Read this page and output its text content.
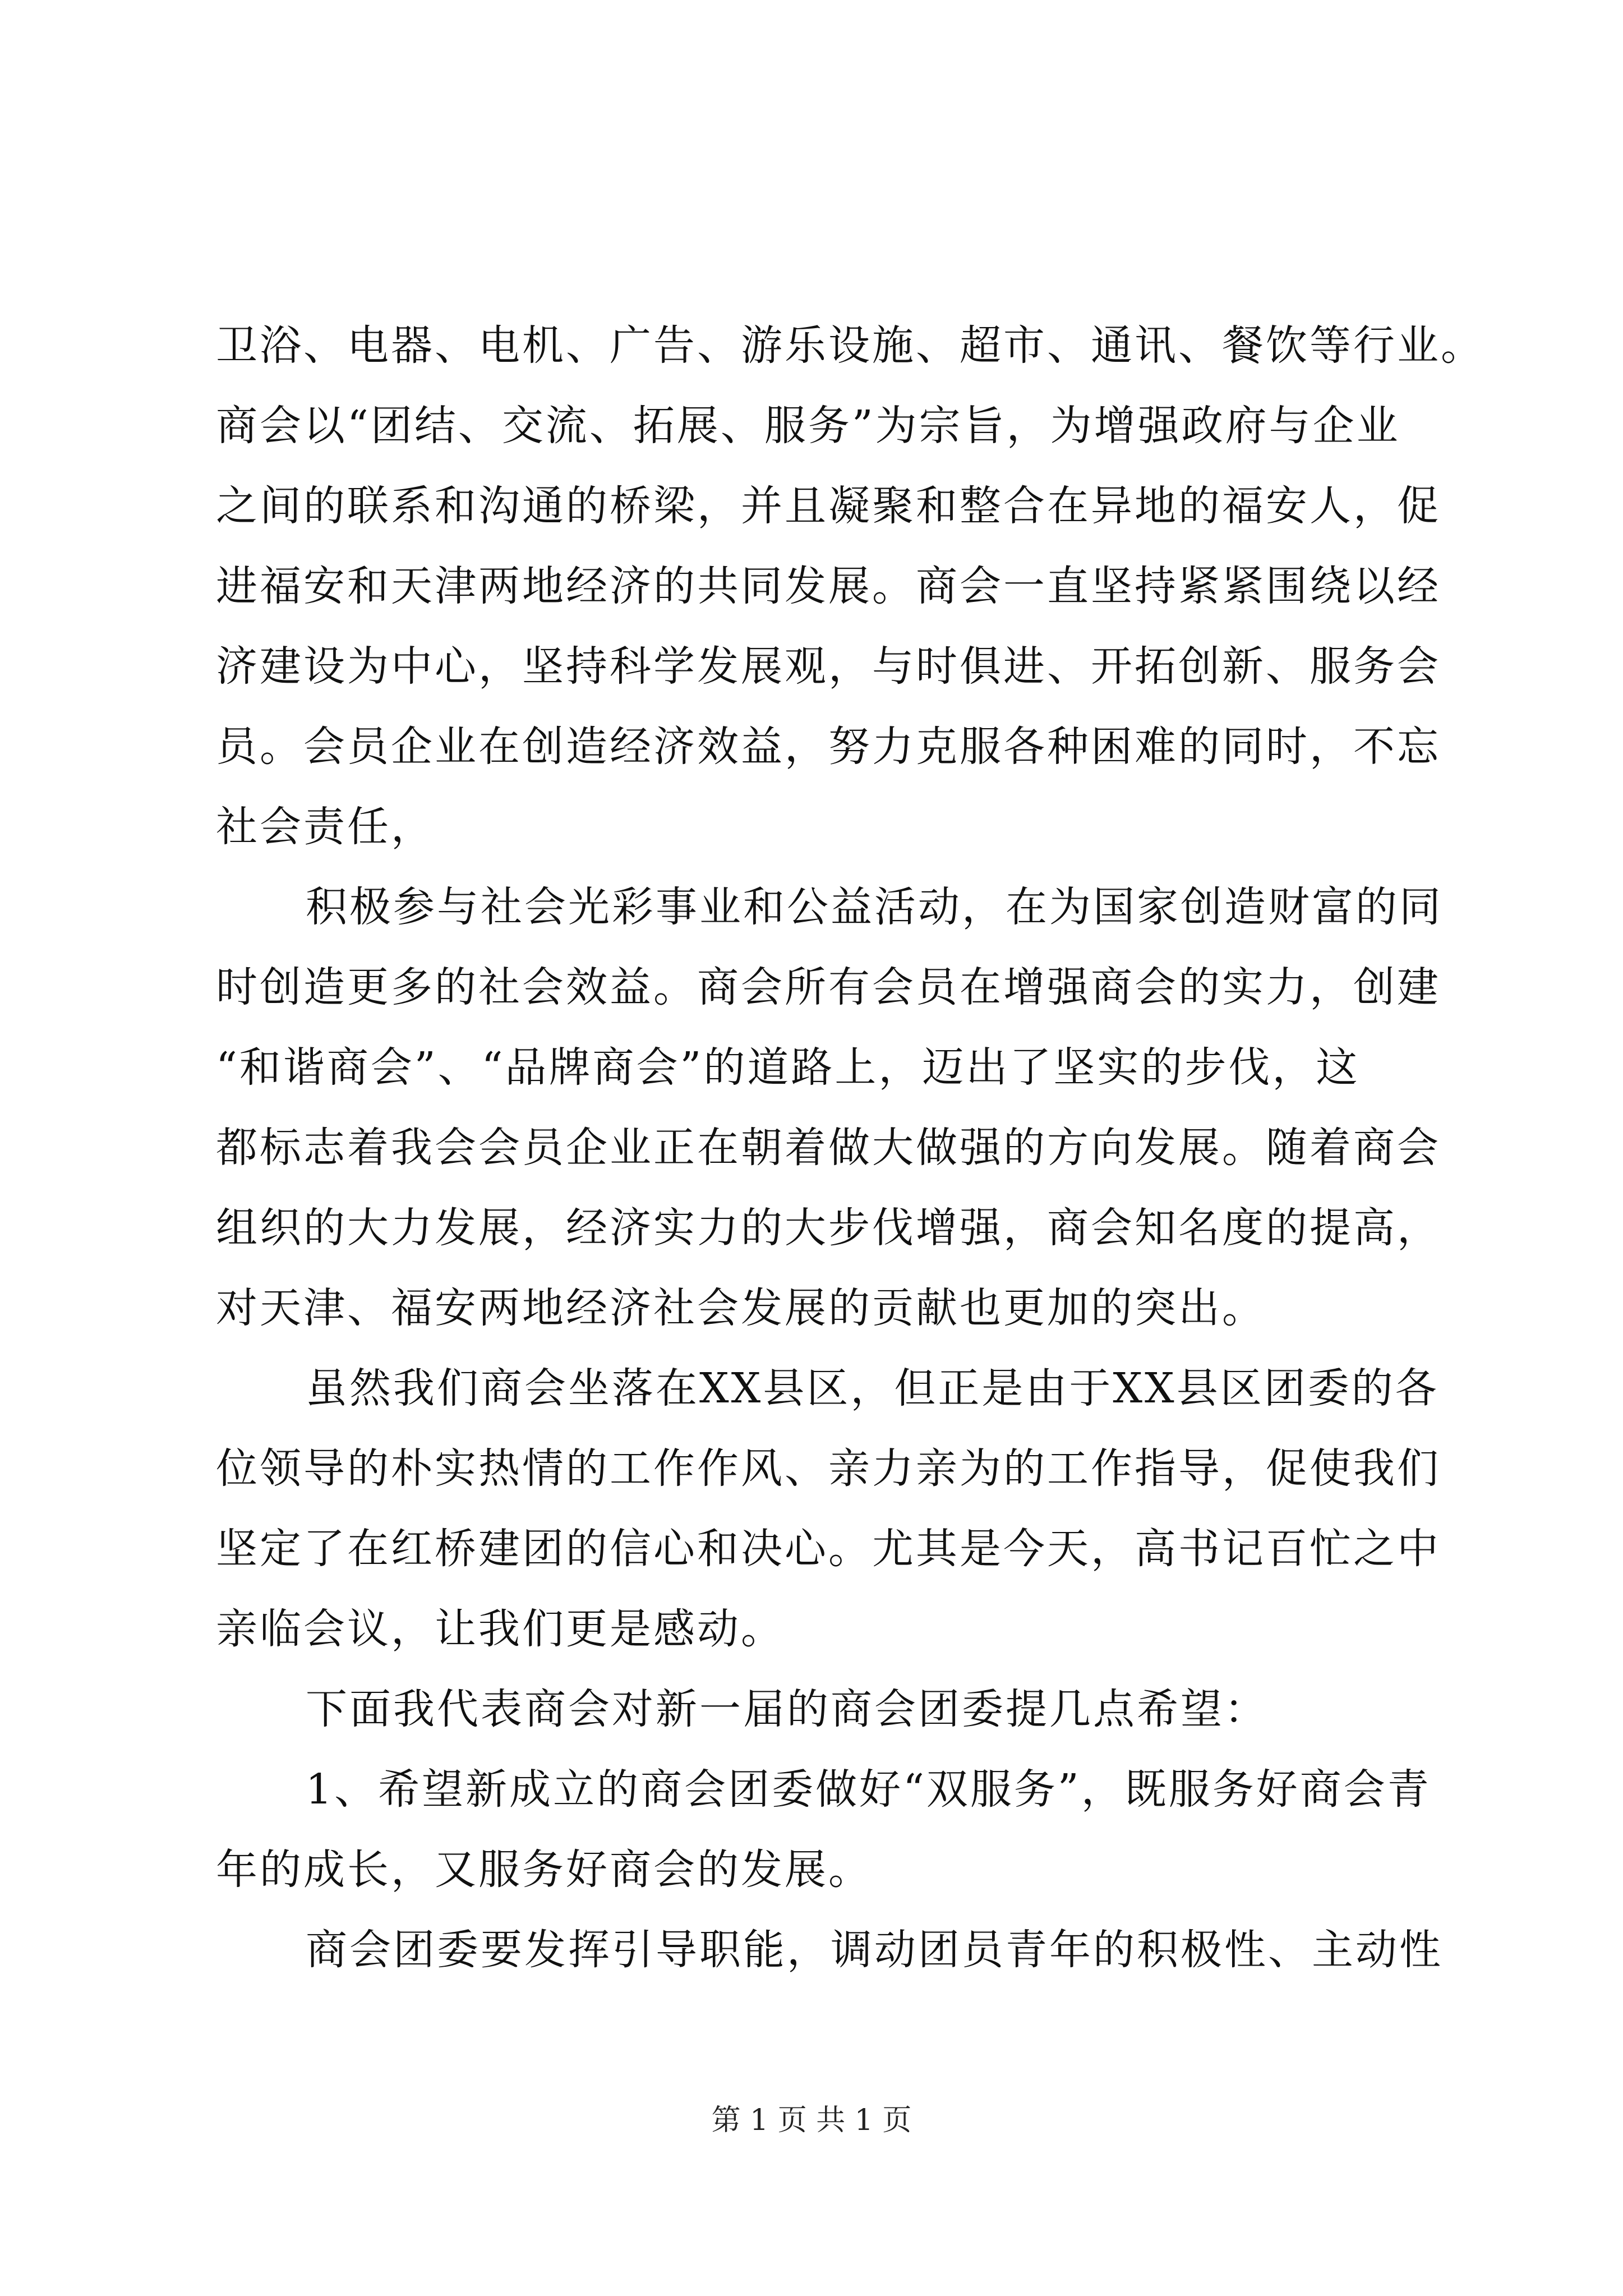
卫浴、电器、电机、广告、游乐设施、超市、通讯、餐饮等行业。
商会以“团结、交流、拓展、服务”为宗旨，为增强政府与企业
之间的联系和沟通的桥梁，并且凝聚和整合在异地的福安人，促
进福安和天津两地经济的共同发展。商会一直坚持紧紧围绕以经
济建设为中心，坚持科学发展观，与时俱进、开拓创新、服务会
员。会员企业在创造经济效益，努力克服各种困难的同时，不忘
社会责任，
积极参与社会光彩事业和公益活动，在为国家创造财富的同
时创造更多的社会效益。商会所有会员在增强商会的实力，创建
“和谐商会”、“品牌商会”的道路上，迈出了坚实的步伐，这
都标志着我会会员企业正在朝着做大做强的方向发展。随着商会
组织的大力发展，经济实力的大步伐增强，商会知名度的提高，
对天津、福安两地经济社会发展的贡献也更加的突出。
虽然我们商会坐落在XX县区，但正是由于XX县区团委的各
位领导的朴实热情的工作作风、亲力亲为的工作指导，促使我们
坚定了在红桥建团的信心和决心。尤其是今天，高书记百忙之中
亲临会议，让我们更是感动。
下面我代表商会对新一届的商会团委提几点希望：
1、希望新成立的商会团委做好“双服务”，既服务好商会青
年的成长，又服务好商会的发展。
商会团委要发挥引导职能，调动团员青年的积极性、主动性
第 1 页 共 1 页
